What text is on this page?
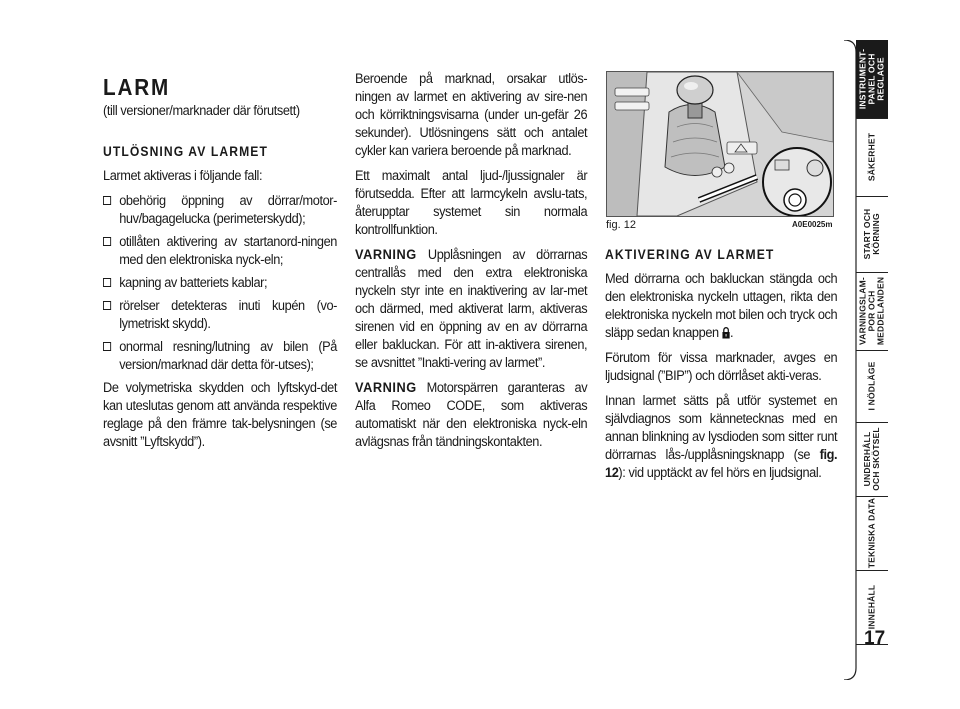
LARM

(till versioner/marknader där förutsett)

UTLÖSNING AV LARMET

Larmet aktiveras i följande fall:

obehörig öppning av dörrar/motor-huv/bagagelucka (perimeterskydd);
otillåten aktivering av startanord-ningen med den elektroniska nyck-eln;
kapning av batteriets kablar;
rörelser detekteras inuti kupén (vo-lymetriskt skydd).
onormal resning/lutning av bilen (På version/marknad där detta för-utses);

De volymetriska skydden och lyftskyd-det kan uteslutas genom att använda respektive reglage på den främre tak-belysningen (se avsnitt ”Lyftskydd”).

Beroende på marknad, orsakar utlös-ningen av larmet en aktivering av sire-nen och körriktningsvisarna (under un-gefär 26 sekunder). Utlösningens sätt och antalet cykler kan variera beroende på marknad.

Ett maximalt antal ljud-/ljussignaler är förutsedda. Efter att larmcykeln avslu-tats, återupptar systemet sin normala kontrollfunktion.

VARNING Upplåsningen av dörrarnas centrallås med den extra elektroniska nyckeln styr inte en inaktivering av lar-met och därmed, med aktiverat larm, aktiveras sirenen vid en öppning av en av dörrarna eller bakluckan. För att in-aktivera sirenen, se avsnittet ”Inakti-vering av larmet”.

VARNING Motorspärren garanteras av Alfa Romeo CODE, som aktiveras automatiskt när den elektroniska nyck-eln avlägsnas från tändningskontakten.

fig. 12	A0E0025m
AKTIVERING AV LARMET

Med dörrarna och bakluckan stängda och den elektroniska nyckeln uttagen, rikta den elektroniska nyckeln mot bilen och tryck och släpp sedan knappen .

Förutom för vissa marknader, avges en ljudsignal (”BIP”) och dörrlåset akti-veras.

Innan larmet sätts på utför systemet en självdiagnos som kännetecknas med en annan blinkning av lysdioden som sitter runt dörrarnas lås-/upplåsningsknapp (se fig. 12): vid upptäckt av fel hörs en ljudsignal.

INSTRUMENT-
PANEL OCH
REGLAGE
SÄKERHET
START OCH
KÖRNING
VARNINGSLAM-
POR OCH
MEDDELANDEN
I NÖDLÄGE
UNDERHÅLL
OCH SKÖTSEL
TEKNISKA DATA
INNEHÅLL
17
